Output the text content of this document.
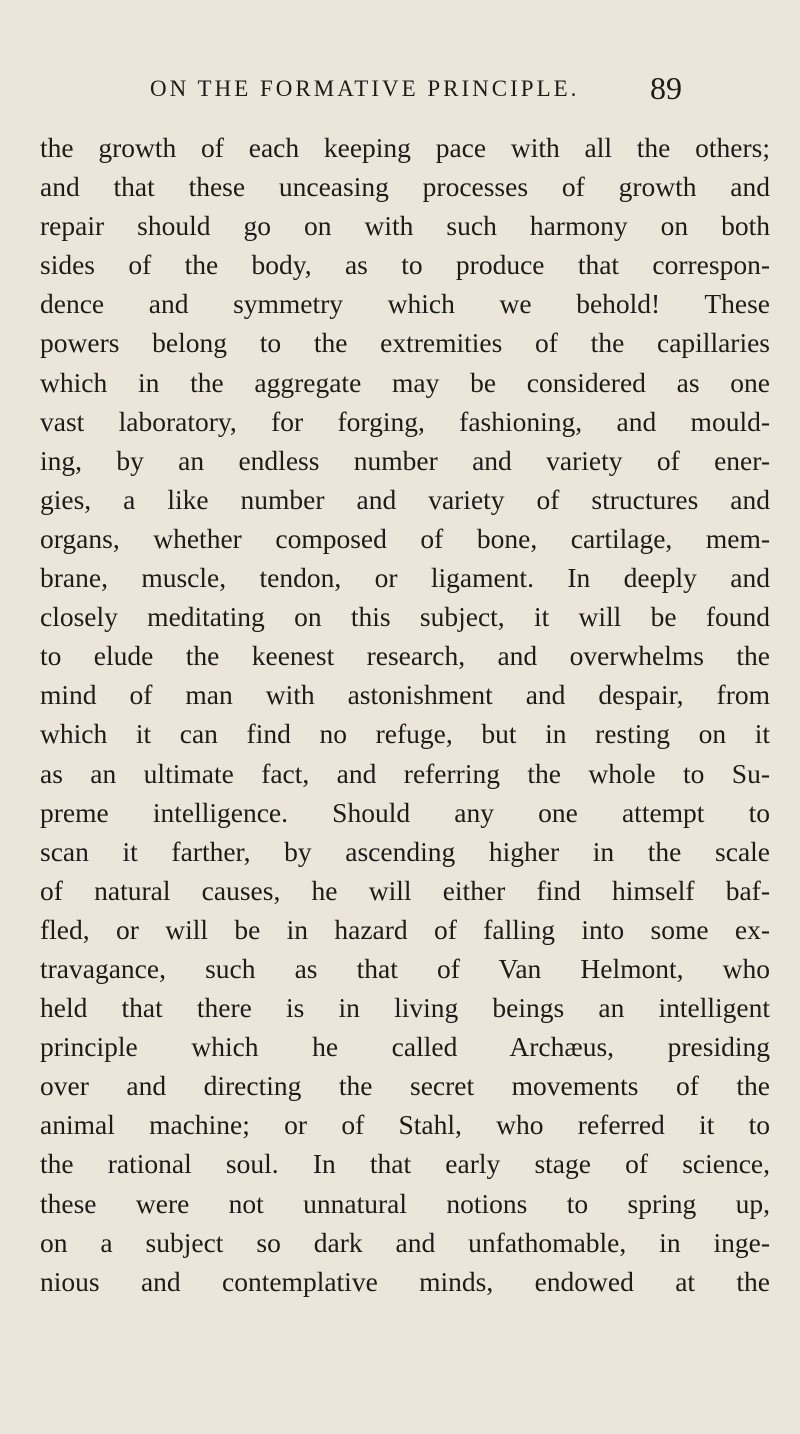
ON THE FORMATIVE PRINCIPLE. 89
the growth of each keeping pace with all the others;
and that these unceasing processes of growth and
repair should go on with such harmony on both
sides of the body, as to produce that correspon-
dence and symmetry which we behold! These
powers belong to the extremities of the capillaries
which in the aggregate may be considered as one
vast laboratory, for forging, fashioning, and mould-
ing, by an endless number and variety of ener-
gies, a like number and variety of structures and
organs, whether composed of bone, cartilage, mem-
brane, muscle, tendon, or ligament. In deeply and
closely meditating on this subject, it will be found
to elude the keenest research, and overwhelms the
mind of man with astonishment and despair, from
which it can find no refuge, but in resting on it
as an ultimate fact, and referring the whole to Su-
preme intelligence. Should any one attempt to
scan it farther, by ascending higher in the scale
of natural causes, he will either find himself baf-
fled, or will be in hazard of falling into some ex-
travagance, such as that of Van Helmont, who
held that there is in living beings an intelligent
principle which he called Archæus, presiding
over and directing the secret movements of the
animal machine; or of Stahl, who referred it to
the rational soul. In that early stage of science,
these were not unnatural notions to spring up,
on a subject so dark and unfathomable, in inge-
nious and contemplative minds, endowed at the
